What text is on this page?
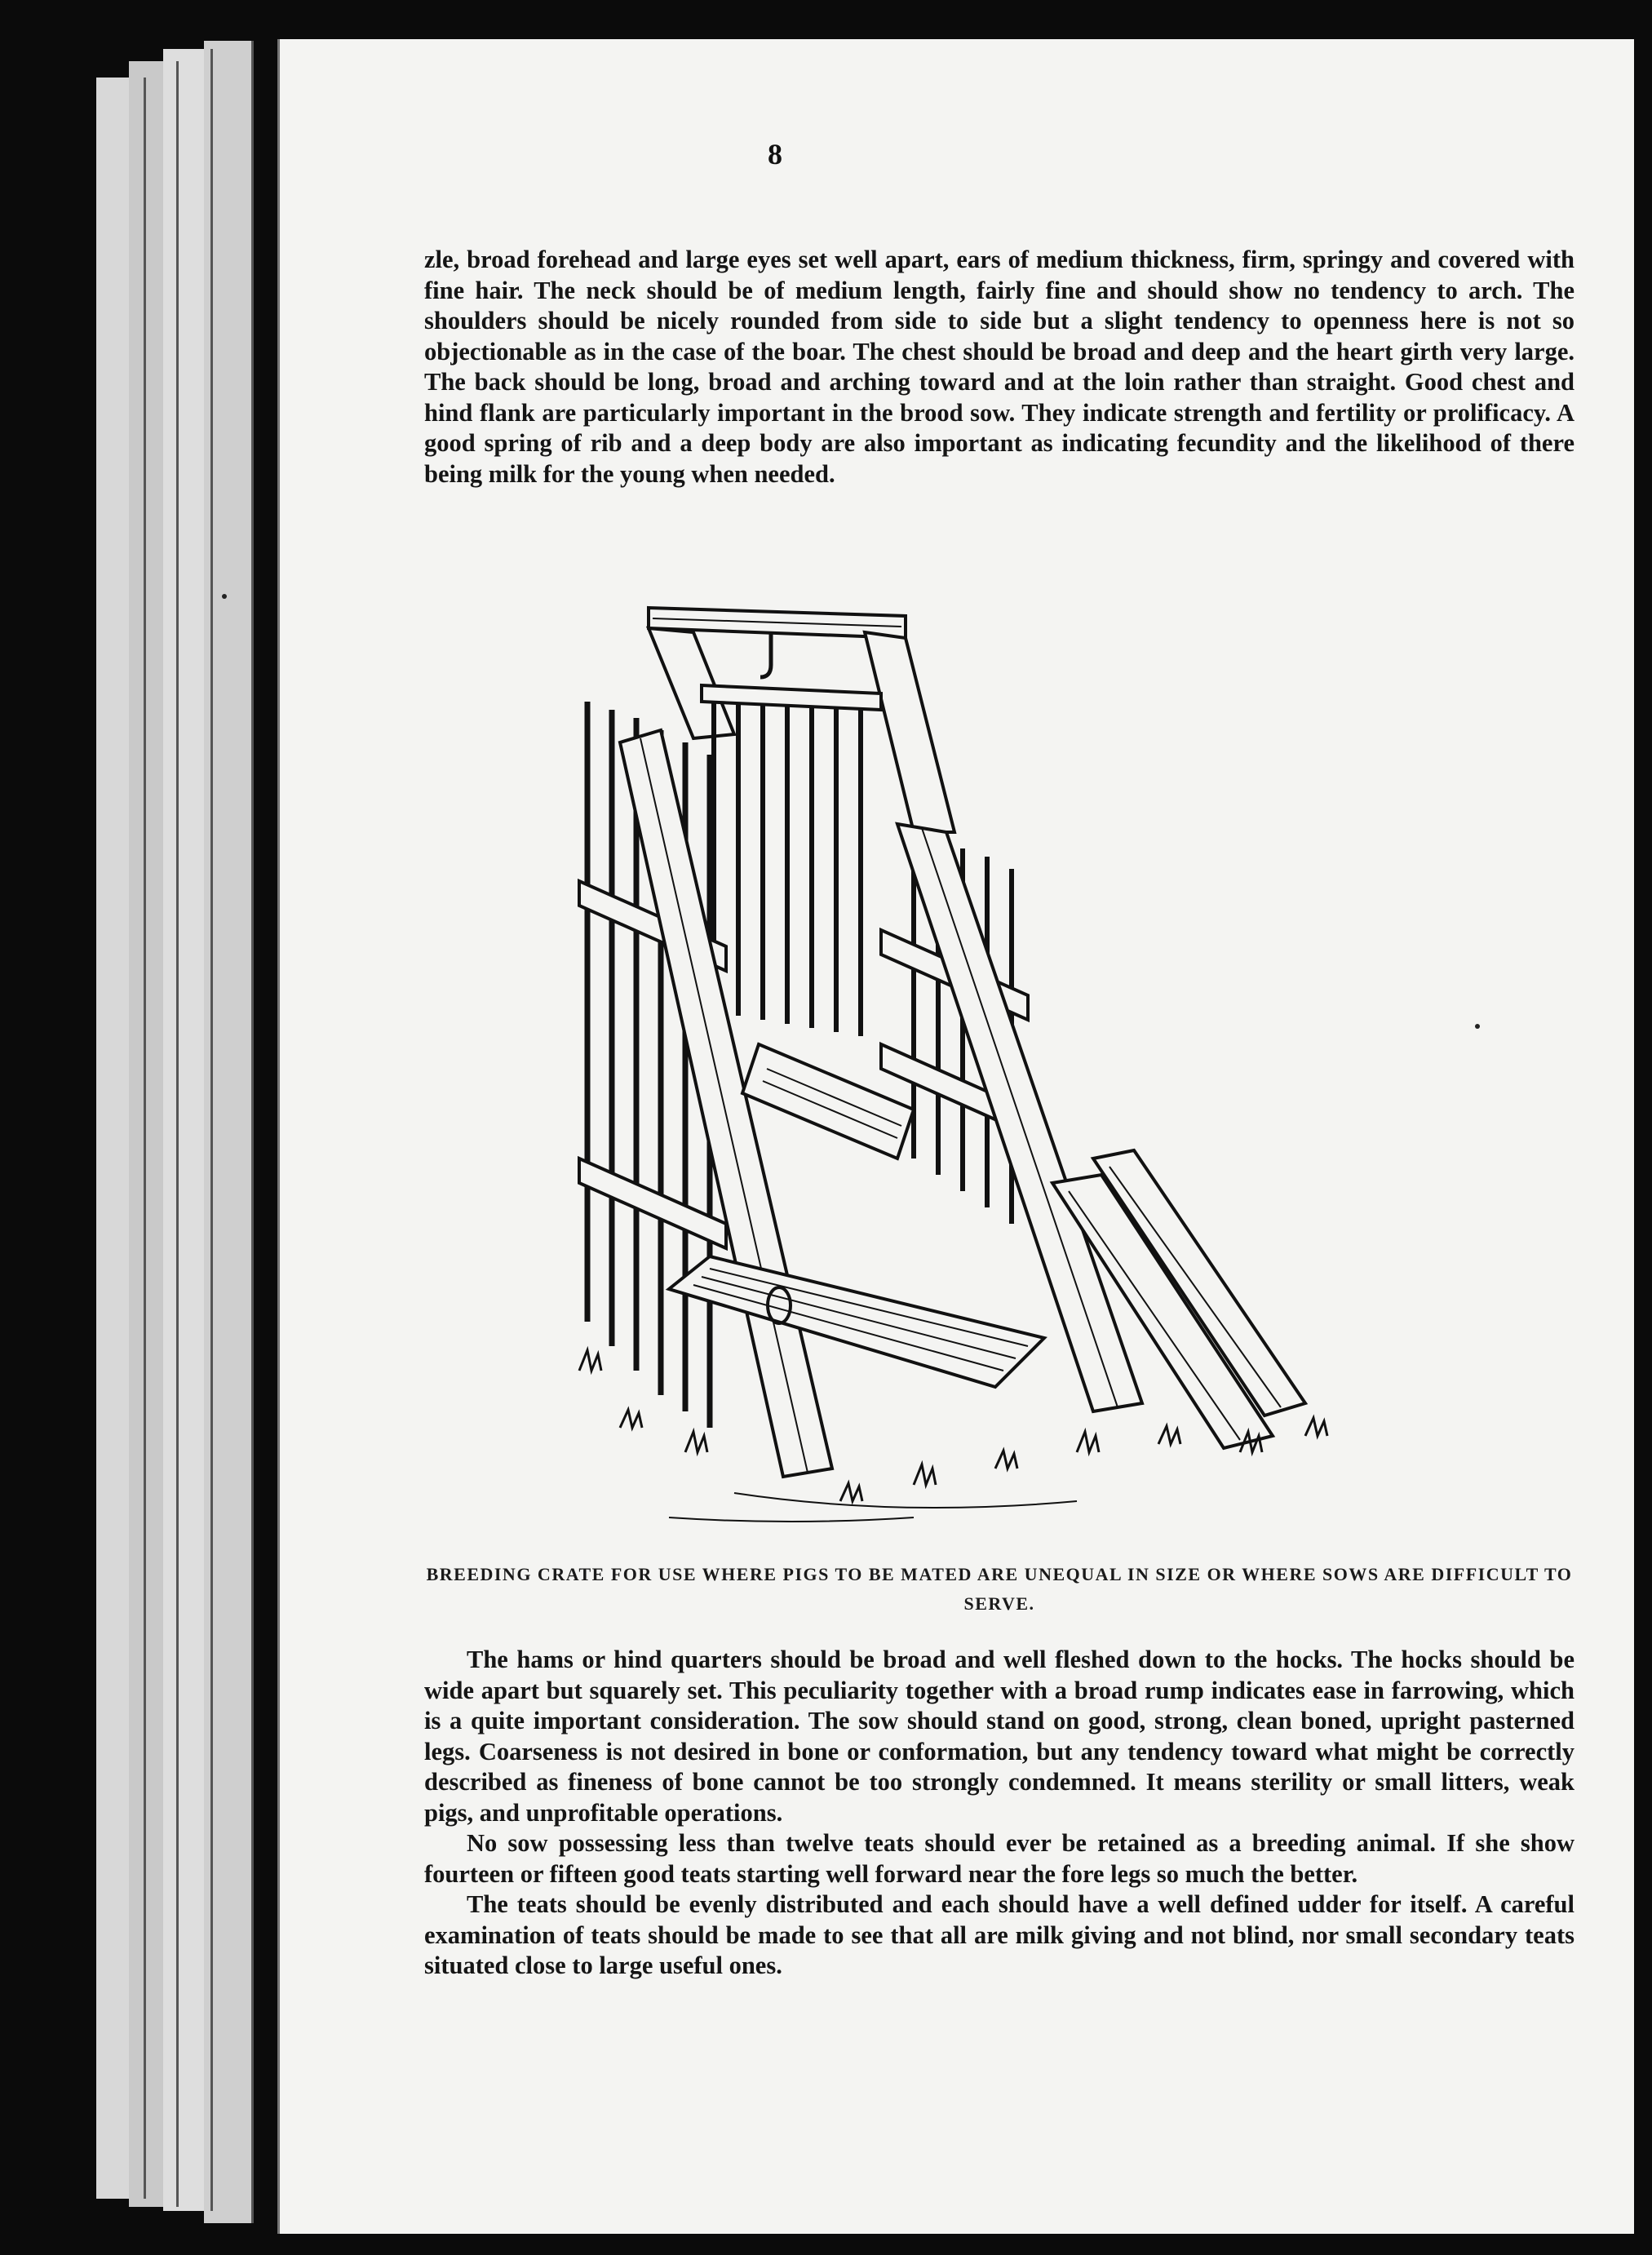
8

zle, broad forehead and large eyes set well apart, ears of medium thickness, firm, springy and covered with fine hair. The neck should be of medium length, fairly fine and should show no tendency to arch. The shoulders should be nicely rounded from side to side but a slight tendency to openness here is not so objectionable as in the case of the boar. The chest should be broad and deep and the heart girth very large. The back should be long, broad and arching toward and at the loin rather than straight. Good chest and hind flank are particularly important in the brood sow. They indicate strength and fertility or prolificacy. A good spring of rib and a deep body are also important as indicating fecundity and the likelihood of there being milk for the young when needed.

BREEDING CRATE FOR USE WHERE PIGS TO BE MATED ARE UNEQUAL IN SIZE OR WHERE SOWS ARE DIFFICULT TO SERVE.

The hams or hind quarters should be broad and well fleshed down to the hocks. The hocks should be wide apart but squarely set. This peculiarity together with a broad rump indicates ease in farrowing, which is a quite important consideration. The sow should stand on good, strong, clean boned, upright pasterned legs. Coarseness is not desired in bone or conformation, but any tendency toward what might be correctly described as fineness of bone cannot be too strongly condemned. It means sterility or small litters, weak pigs, and unprofitable operations.

No sow possessing less than twelve teats should ever be retained as a breeding animal. If she show fourteen or fifteen good teats starting well forward near the fore legs so much the better.

The teats should be evenly distributed and each should have a well defined udder for itself. A careful examination of teats should be made to see that all are milk giving and not blind, nor small secondary teats situated close to large useful ones.
